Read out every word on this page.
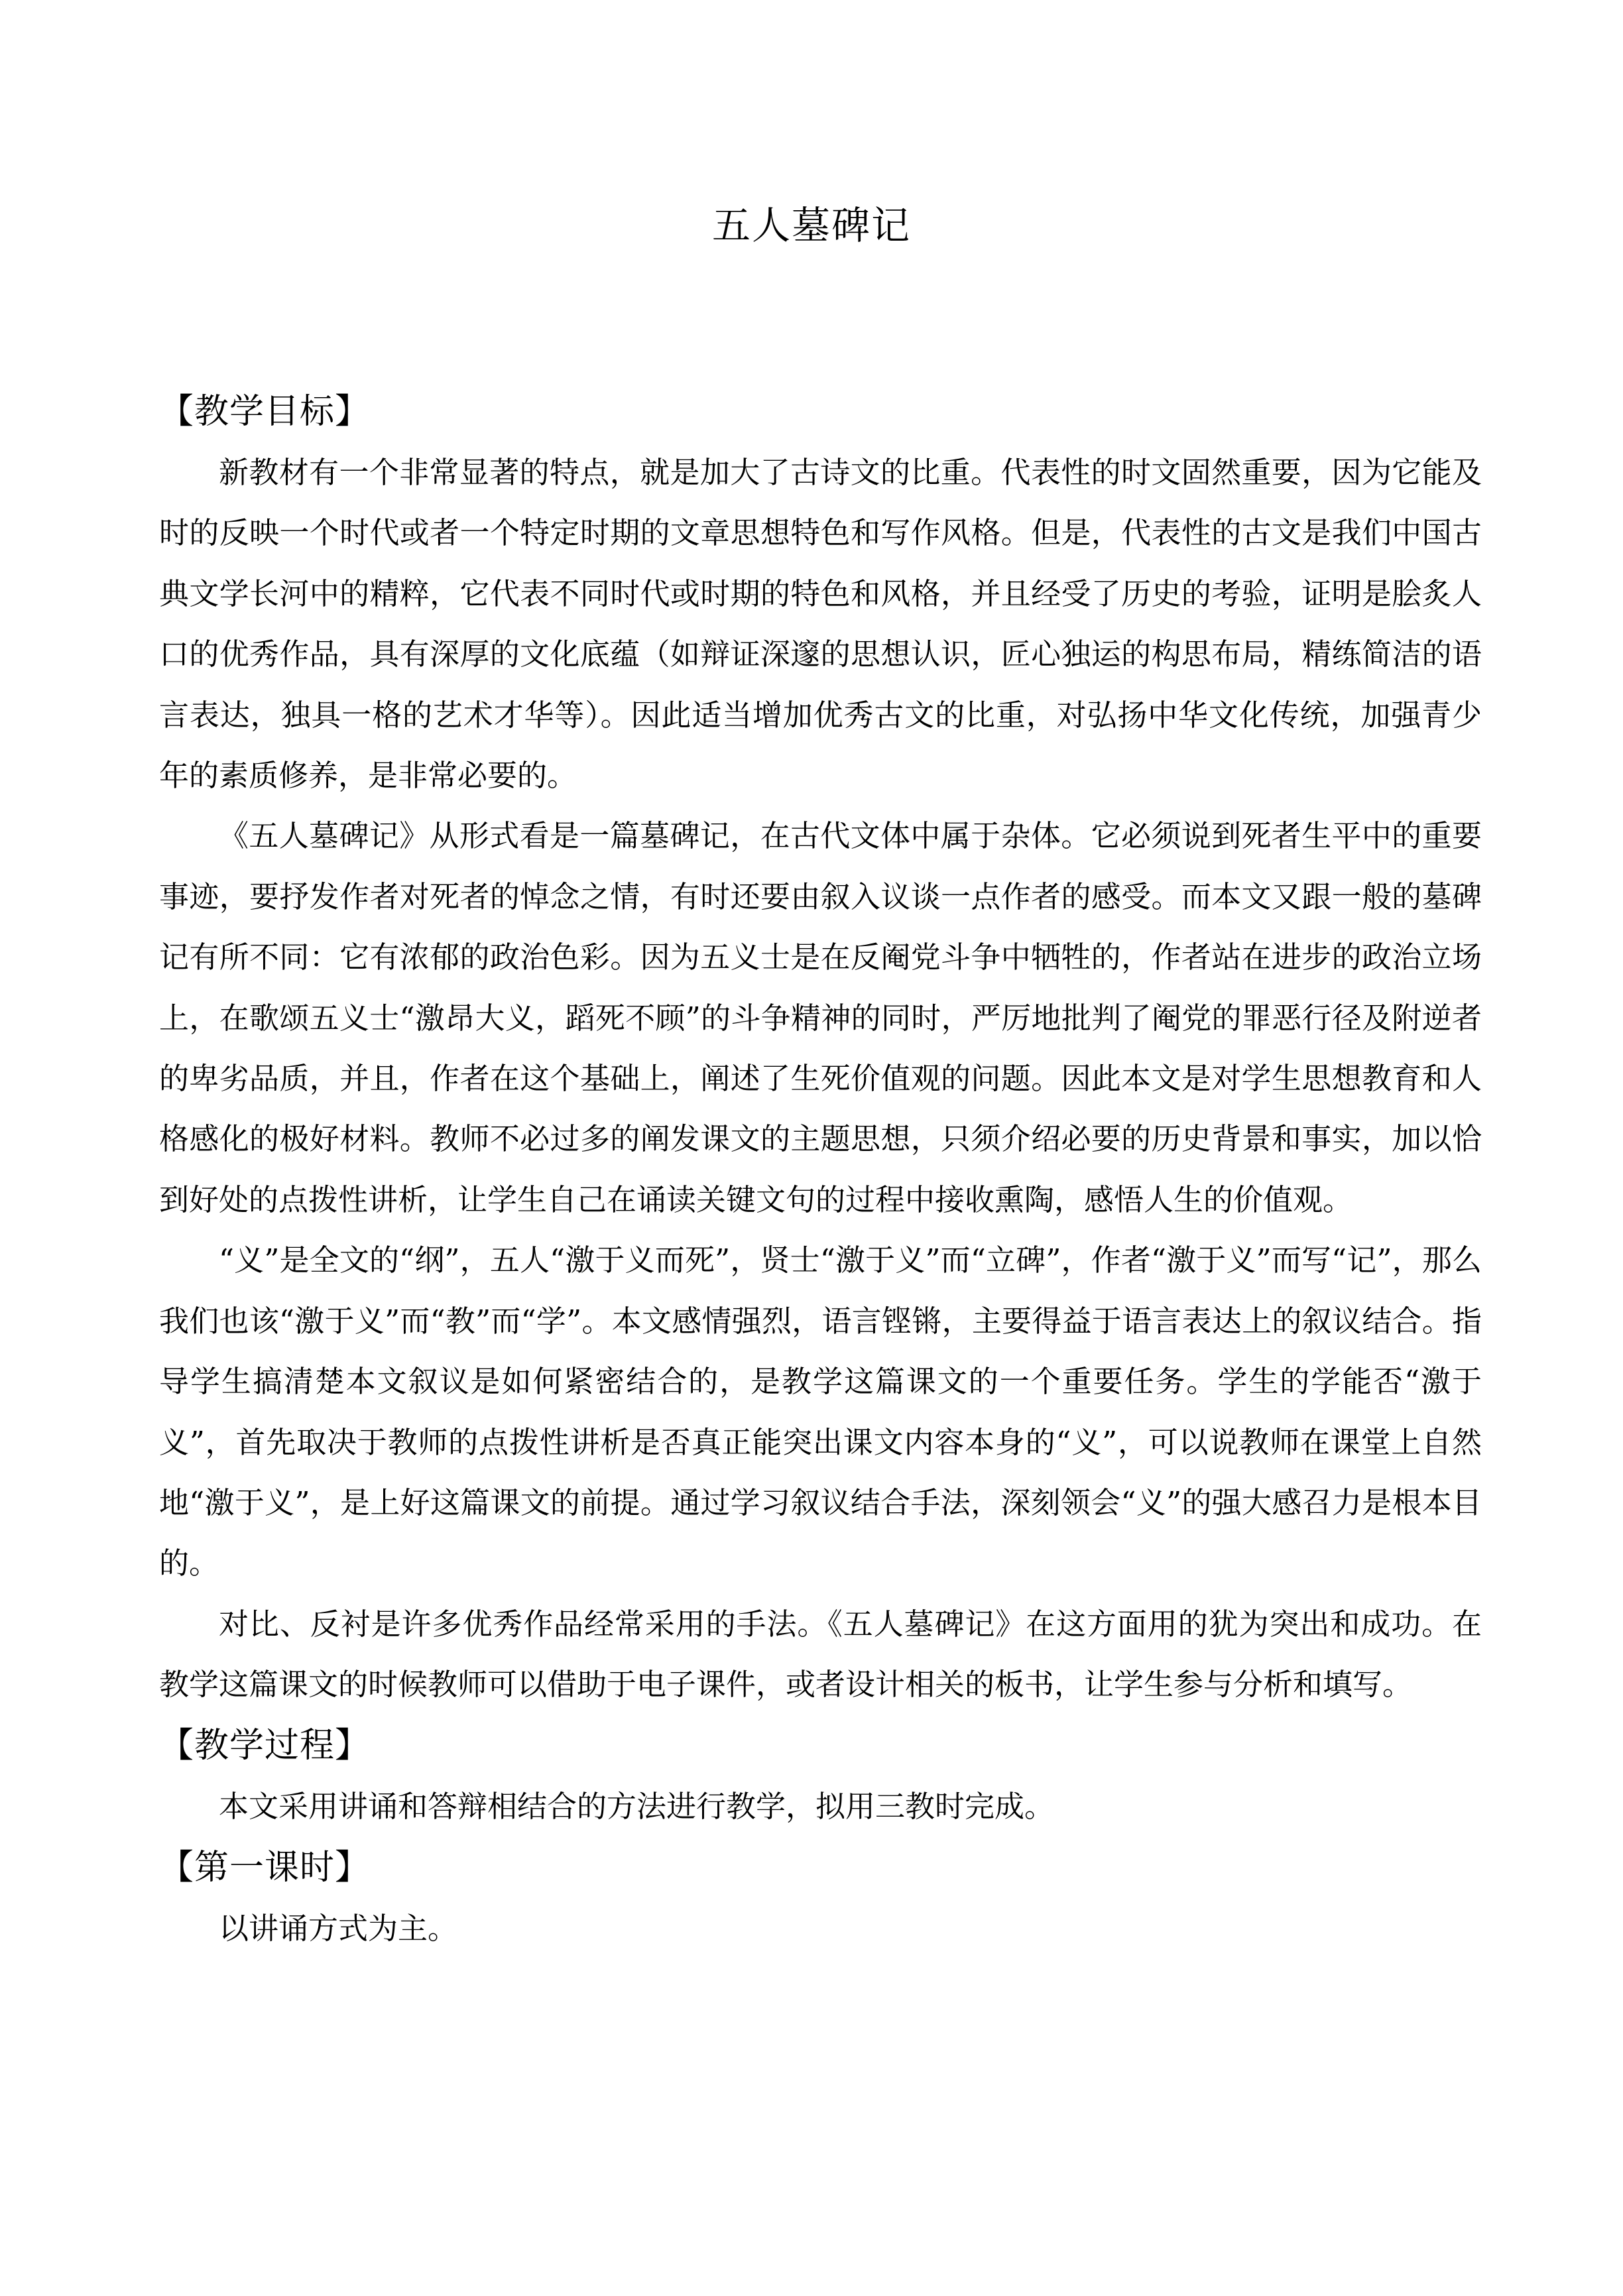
五人墓碑记
【教学目标】

新教材有一个非常显著的特点，就是加大了古诗文的比重。代表性的时文固然重要，因为它能及时的反映一个时代或者一个特定时期的文章思想特色和写作风格。但是，代表性的古文是我们中国古典文学长河中的精粹，它代表不同时代或时期的特色和风格，并且经受了历史的考验，证明是脍炙人口的优秀作品，具有深厚的文化底蕴（如辩证深邃的思想认识，匠心独运的构思布局，精练简洁的语言表达，独具一格的艺术才华等）。因此适当增加优秀古文的比重，对弘扬中华文化传统，加强青少年的素质修养，是非常必要的。

《五人墓碑记》从形式看是一篇墓碑记，在古代文体中属于杂体。它必须说到死者生平中的重要事迹，要抒发作者对死者的悼念之情，有时还要由叙入议谈一点作者的感受。而本文又跟一般的墓碑记有所不同：它有浓郁的政治色彩。因为五义士是在反阉党斗争中牺牲的，作者站在进步的政治立场上，在歌颂五义士“激昂大义，蹈死不顾”的斗争精神的同时，严厉地批判了阉党的罪恶行径及附逆者的卑劣品质，并且，作者在这个基础上，阐述了生死价值观的问题。因此本文是对学生思想教育和人格感化的极好材料。教师不必过多的阐发课文的主题思想，只须介绍必要的历史背景和事实，加以恰到好处的点拨性讲析，让学生自己在诵读关键文句的过程中接收熏陶，感悟人生的价值观。

“义”是全文的“纲”，五人“激于义而死”，贤士“激于义”而“立碑”，作者“激于义”而写“记”，那么我们也该“激于义”而“教”而“学”。本文感情强烈，语言铿锵，主要得益于语言表达上的叙议结合。指导学生搞清楚本文叙议是如何紧密结合的，是教学这篇课文的一个重要任务。学生的学能否“激于义”，首先取决于教师的点拨性讲析是否真正能突出课文内容本身的“义”，可以说教师在课堂上自然地“激于义”，是上好这篇课文的前提。通过学习叙议结合手法，深刻领会“义”的强大感召力是根本目的。

对比、反衬是许多优秀作品经常采用的手法。《五人墓碑记》在这方面用的犹为突出和成功。在教学这篇课文的时候教师可以借助于电子课件，或者设计相关的板书，让学生参与分析和填写。

【教学过程】

本文采用讲诵和答辩相结合的方法进行教学，拟用三教时完成。

【第一课时】

以讲诵方式为主。
